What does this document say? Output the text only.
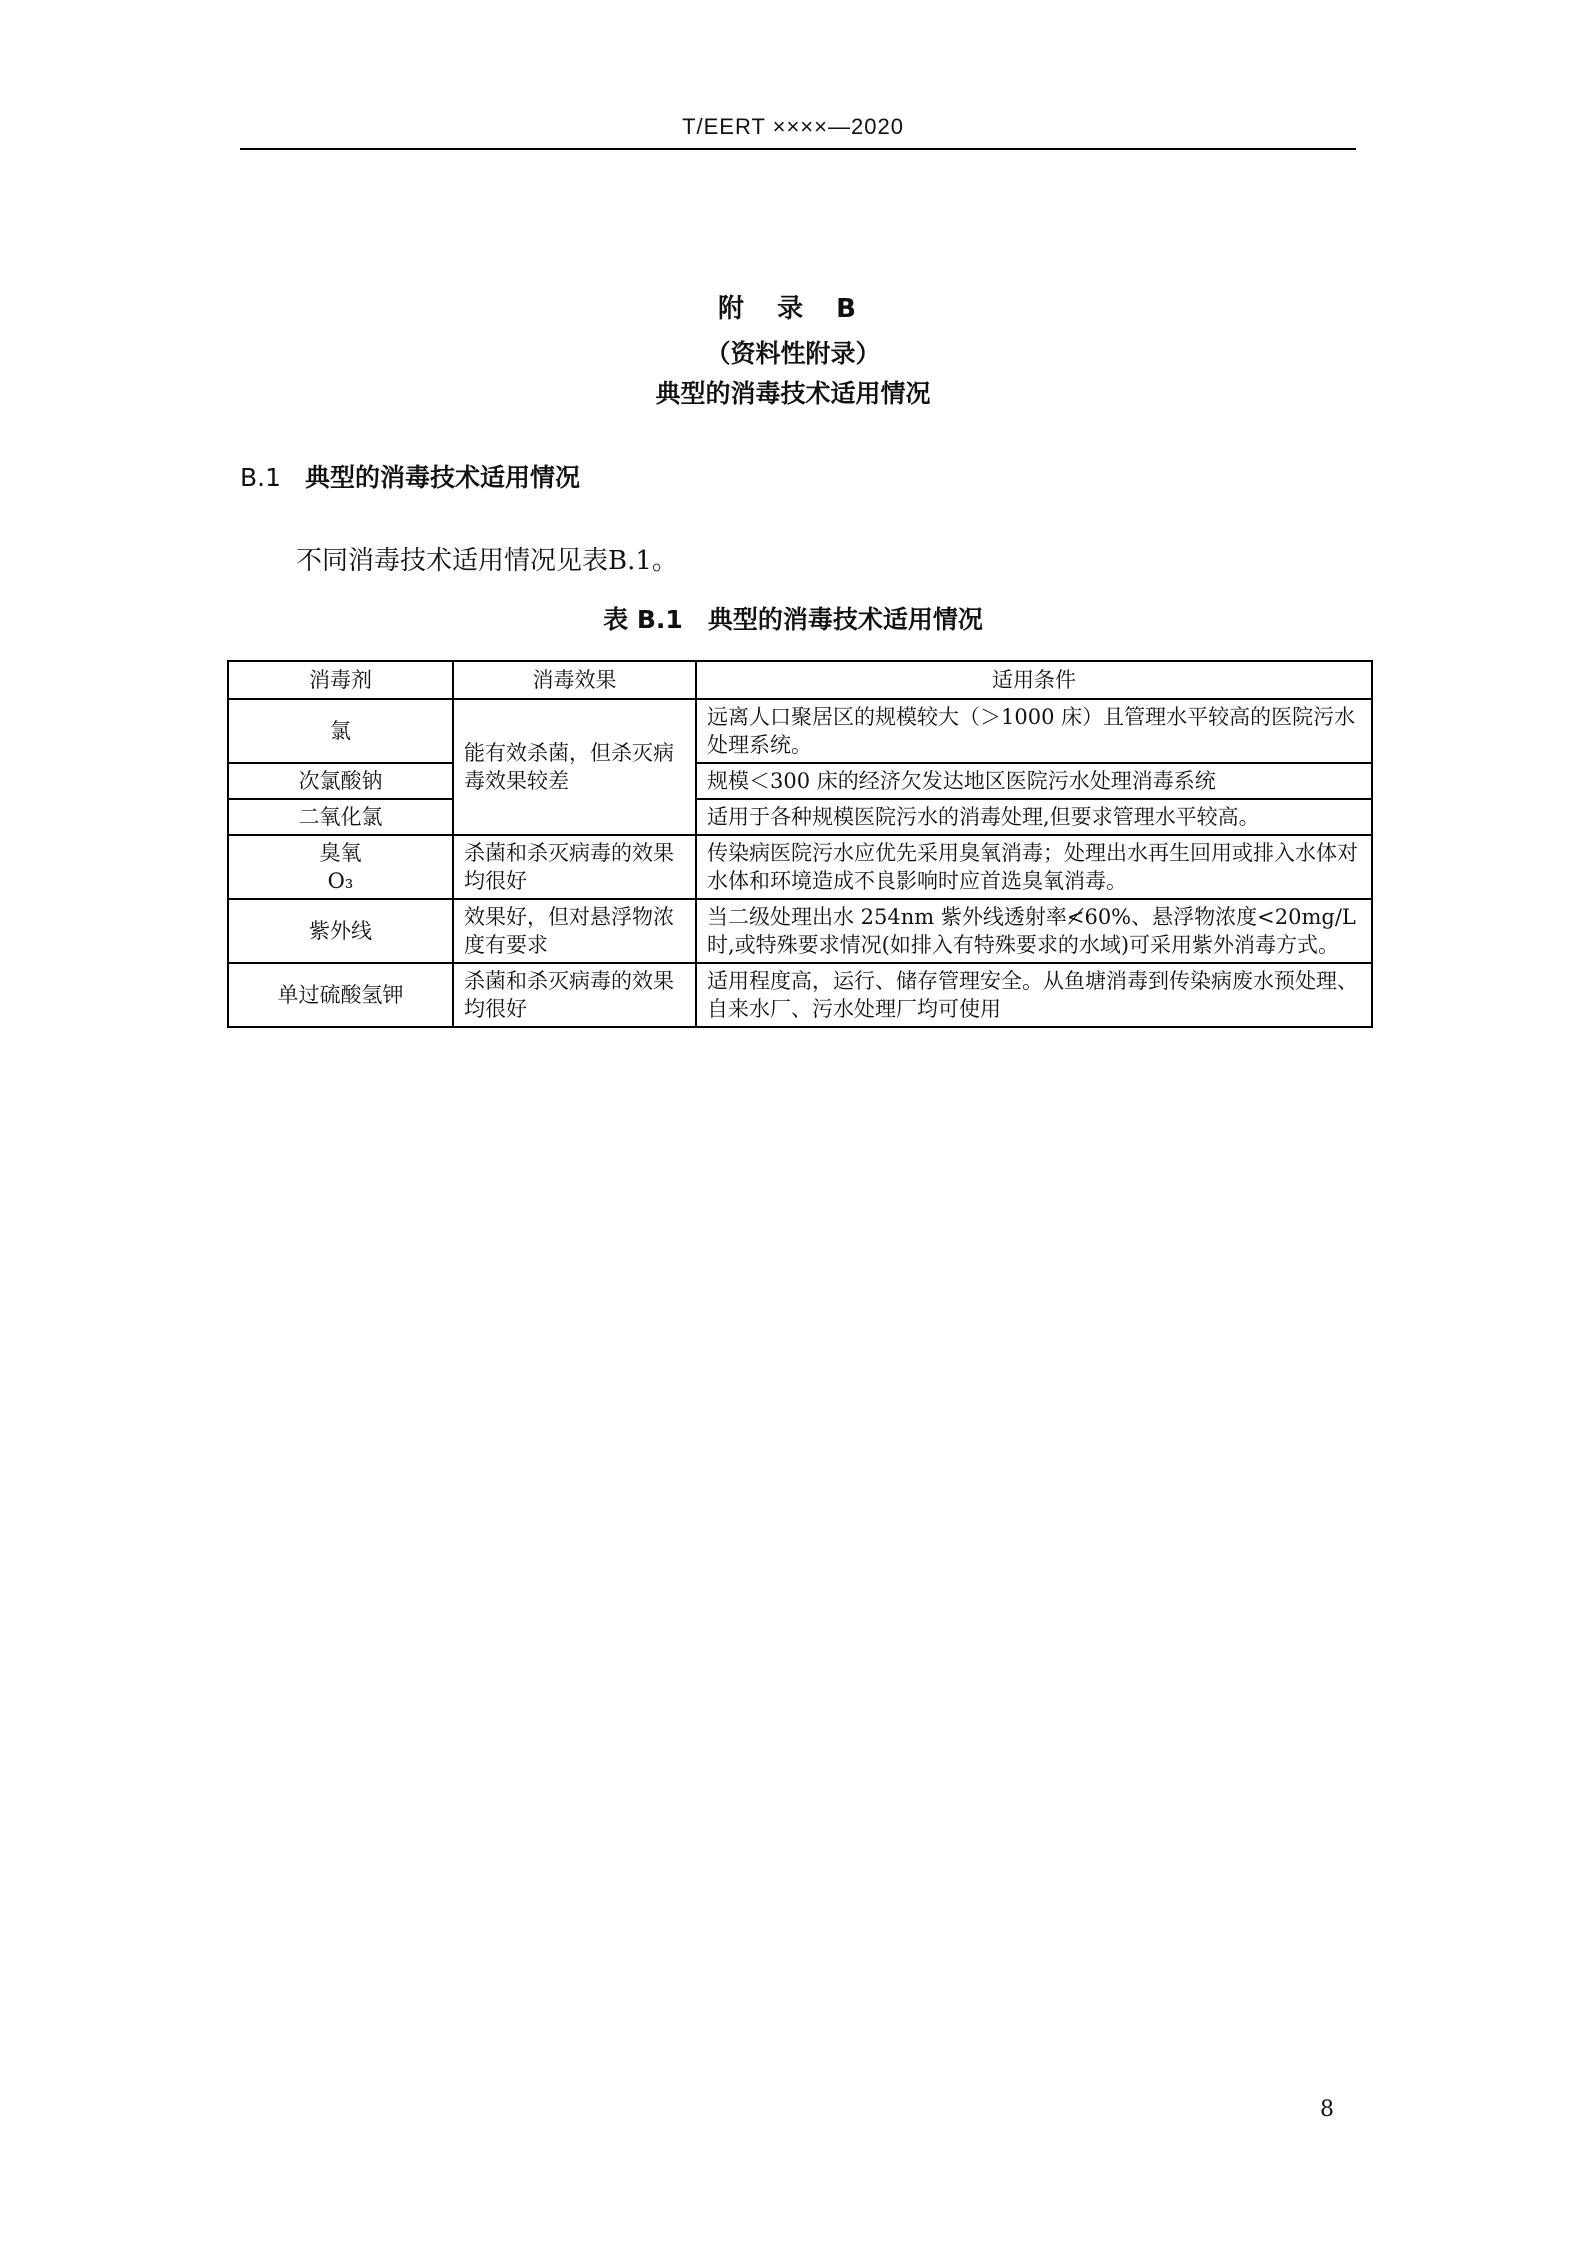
T/EERT ××××—2020
附 录 B
（资料性附录）
典型的消毒技术适用情况
B.1 典型的消毒技术适用情况
不同消毒技术适用情况见表B.1。
表 B.1　典型的消毒技术适用情况
消毒剂	消毒效果	适用条件
氯	能有效杀菌，但杀灭病毒效果较差	远离人口聚居区的规模较大（＞1000 床）且管理水平较高的医院污水处理系统。
次氯酸钠		规模＜300 床的经济欠发达地区医院污水处理消毒系统
二氧化氯		适用于各种规模医院污水的消毒处理,但要求管理水平较高。

臭氧
O₃	杀菌和杀灭病毒的效果均很好	传染病医院污水应优先采用臭氧消毒；处理出水再生回用或排入水体对水体和环境造成不良影响时应首选臭氧消毒。
紫外线	效果好，但对悬浮物浓度有要求	当二级处理出水 254nm 紫外线透射率≮60%、悬浮物浓度<20mg/L 时,或特殊要求情况(如排入有特殊要求的水域)可采用紫外消毒方式。
单过硫酸氢钾	杀菌和杀灭病毒的效果均很好	适用程度高，运行、储存管理安全。从鱼塘消毒到传染病废水预处理、自来水厂、污水处理厂均可使用
8
